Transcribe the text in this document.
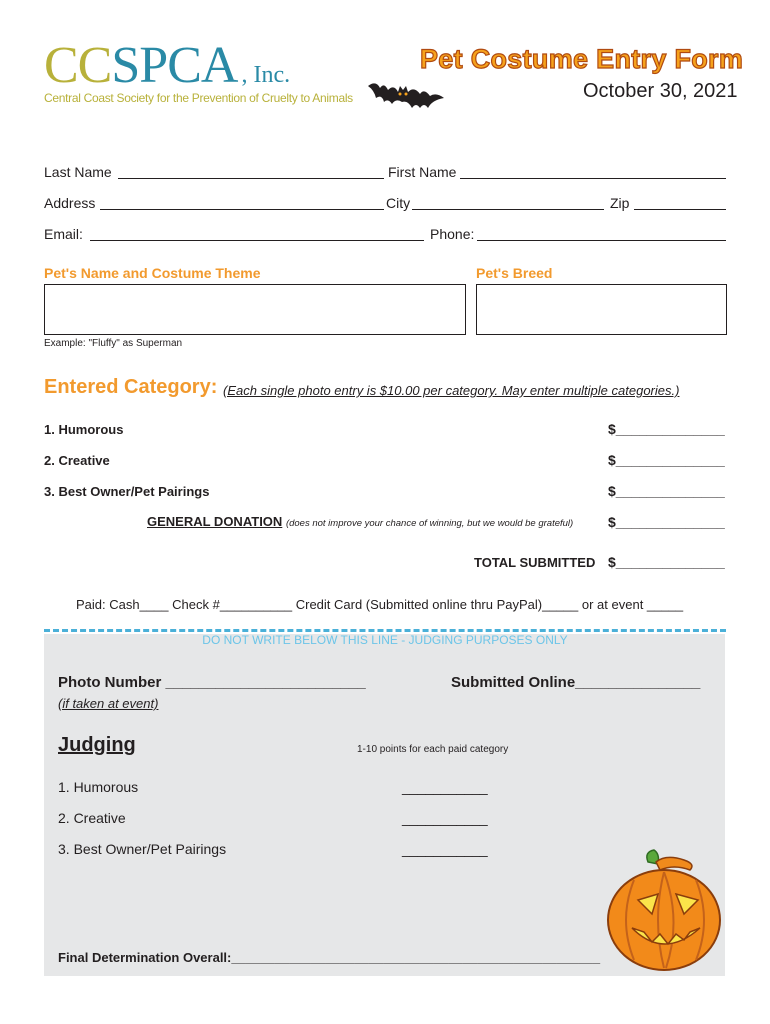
CCSPCA , Inc.
Central Coast Society for the Prevention of Cruelty to Animals
Pet Costume Entry Form
October 30, 2021
Last Name	First Name
Address	City	Zip
Email:	Phone:
Pet's Name and Costume Theme	Pet's Breed
Example: "Fluffy" as Superman
Entered Category: (Each single photo entry is $10.00 per category. May enter multiple categories.)
1. Humorous	$______________
2. Creative	$______________
3. Best Owner/Pet Pairings	$______________
GENERAL DONATION (does not improve your chance of winning, but we would be grateful) $______________
TOTAL SUBMITTED $______________
Paid: Cash____ Check #__________ Credit Card (Submitted online thru PayPal)_____ or at event _____
DO NOT WRITE BELOW THIS LINE - JUDGING PURPOSES ONLY
Photo Number ________________________
(if taken at event)
Submitted Online_______________
Judging	1-10 points for each paid category
1. Humorous	___________
2. Creative	___________
3. Best Owner/Pet Pairings	___________
Final Determination Overall:___________________________________________________
